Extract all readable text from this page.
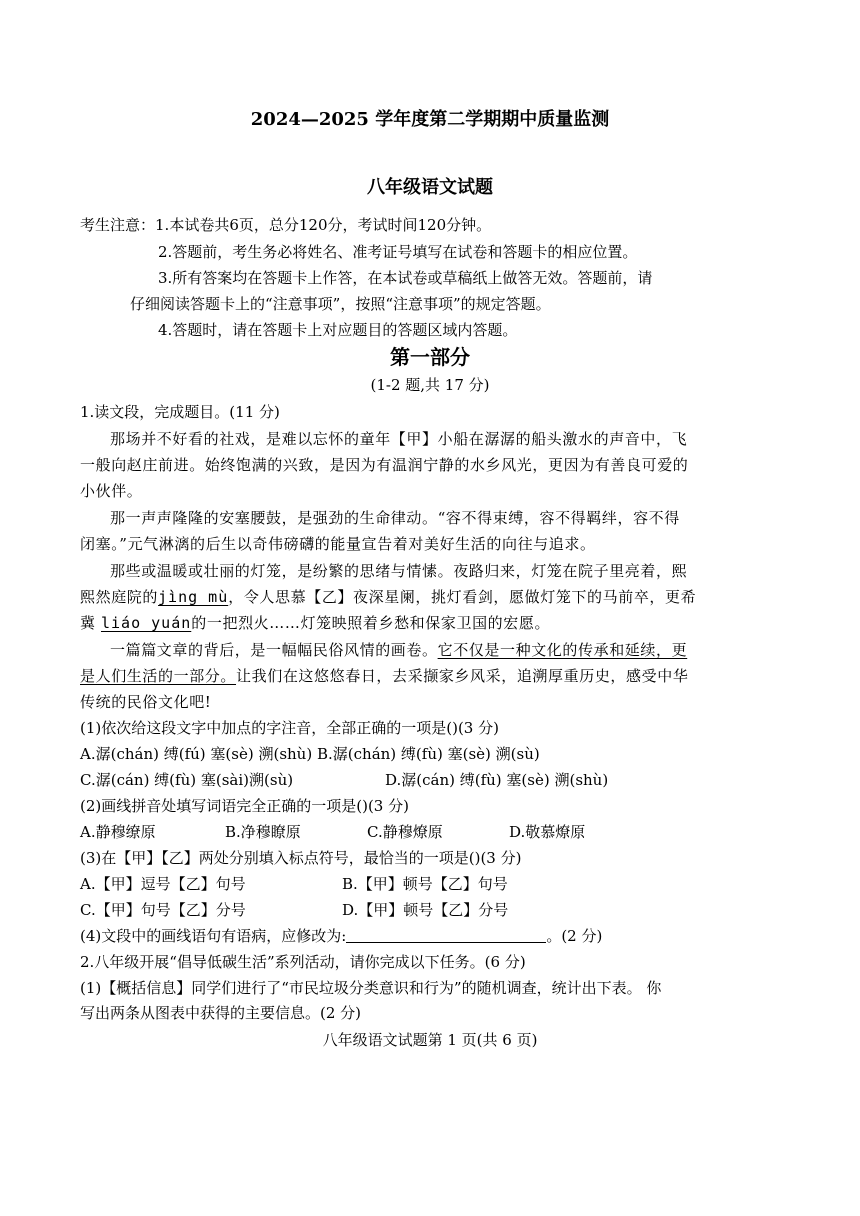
2024—2025 学年度第二学期期中质量监测
八年级语文试题
考生注意：1.本试卷共6页，总分120分，考试时间120分钟。
2.答题前，考生务必将姓名、准考证号填写在试卷和答题卡的相应位置。
3.所有答案均在答题卡上作答，在本试卷或草稿纸上做答无效。答题前，请
仔细阅读答题卡上的“注意事项”，按照“注意事项”的规定答题。
4.答题时，请在答题卡上对应题目的答题区域内答题。
第一部分
(1-2 题,共 17 分)
1.读文段，完成题目。(11 分)
那场并不好看的社戏，是难以忘怀的童年【甲】小船在潺潺的船头激水的声音中，飞
一般向赵庄前进。始终饱满的兴致，是因为有温润宁静的水乡风光，更因为有善良可爱的
小伙伴。
那一声声隆隆的安塞腰鼓，是强劲的生命律动。“容不得束缚，容不得羁绊，容不得
闭塞。”元气淋漓的后生以奇伟磅礴的能量宣告着对美好生活的向往与追求。
那些或温暖或壮丽的灯笼，是纷繁的思绪与情愫。夜路归来，灯笼在院子里亮着，熙
熙然庭院的jìng mù，令人思慕【乙】夜深星阑，挑灯看剑，愿做灯笼下的马前卒，更希
冀 liáo yuán的一把烈火……灯笼映照着乡愁和保家卫国的宏愿。
一篇篇文章的背后，是一幅幅民俗风情的画卷。它不仅是一种文化的传承和延续，更
是人们生活的一部分。让我们在这悠悠春日，去采撷家乡风采，追溯厚重历史，感受中华
传统的民俗文化吧!
(1)依次给这段文字中加点的字注音，全部正确的一项是()(3 分)
A.潺(chán) 缚(fú) 塞(sè) 溯(shù) B.潺(chán) 缚(fù) 塞(sè) 溯(sù)
C.潺(cán) 缚(fù) 塞(sài)溯(sù)	D.潺(cán) 缚(fù) 塞(sè) 溯(shù)
(2)画线拼音处填写词语完全正确的一项是()(3 分)
A.静穆缭原	B.净穆瞭原	C.静穆燎原	D.敬慕燎原
(3)在【甲】【乙】两处分别填入标点符号，最恰当的一项是()(3 分)
A.【甲】逗号【乙】句号	B.【甲】顿号【乙】句号
C.【甲】句号【乙】分号	D.【甲】顿号【乙】分号
(4)文段中的画线语句有语病，应修改为:	。(2 分)
2.八年级开展“倡导低碳生活”系列活动，请你完成以下任务。(6 分)
(1)【概括信息】同学们进行了“市民垃圾分类意识和行为”的随机调查，统计出下表。 你
写出两条从图表中获得的主要信息。(2 分)
八年级语文试题第 1 页(共 6 页)
